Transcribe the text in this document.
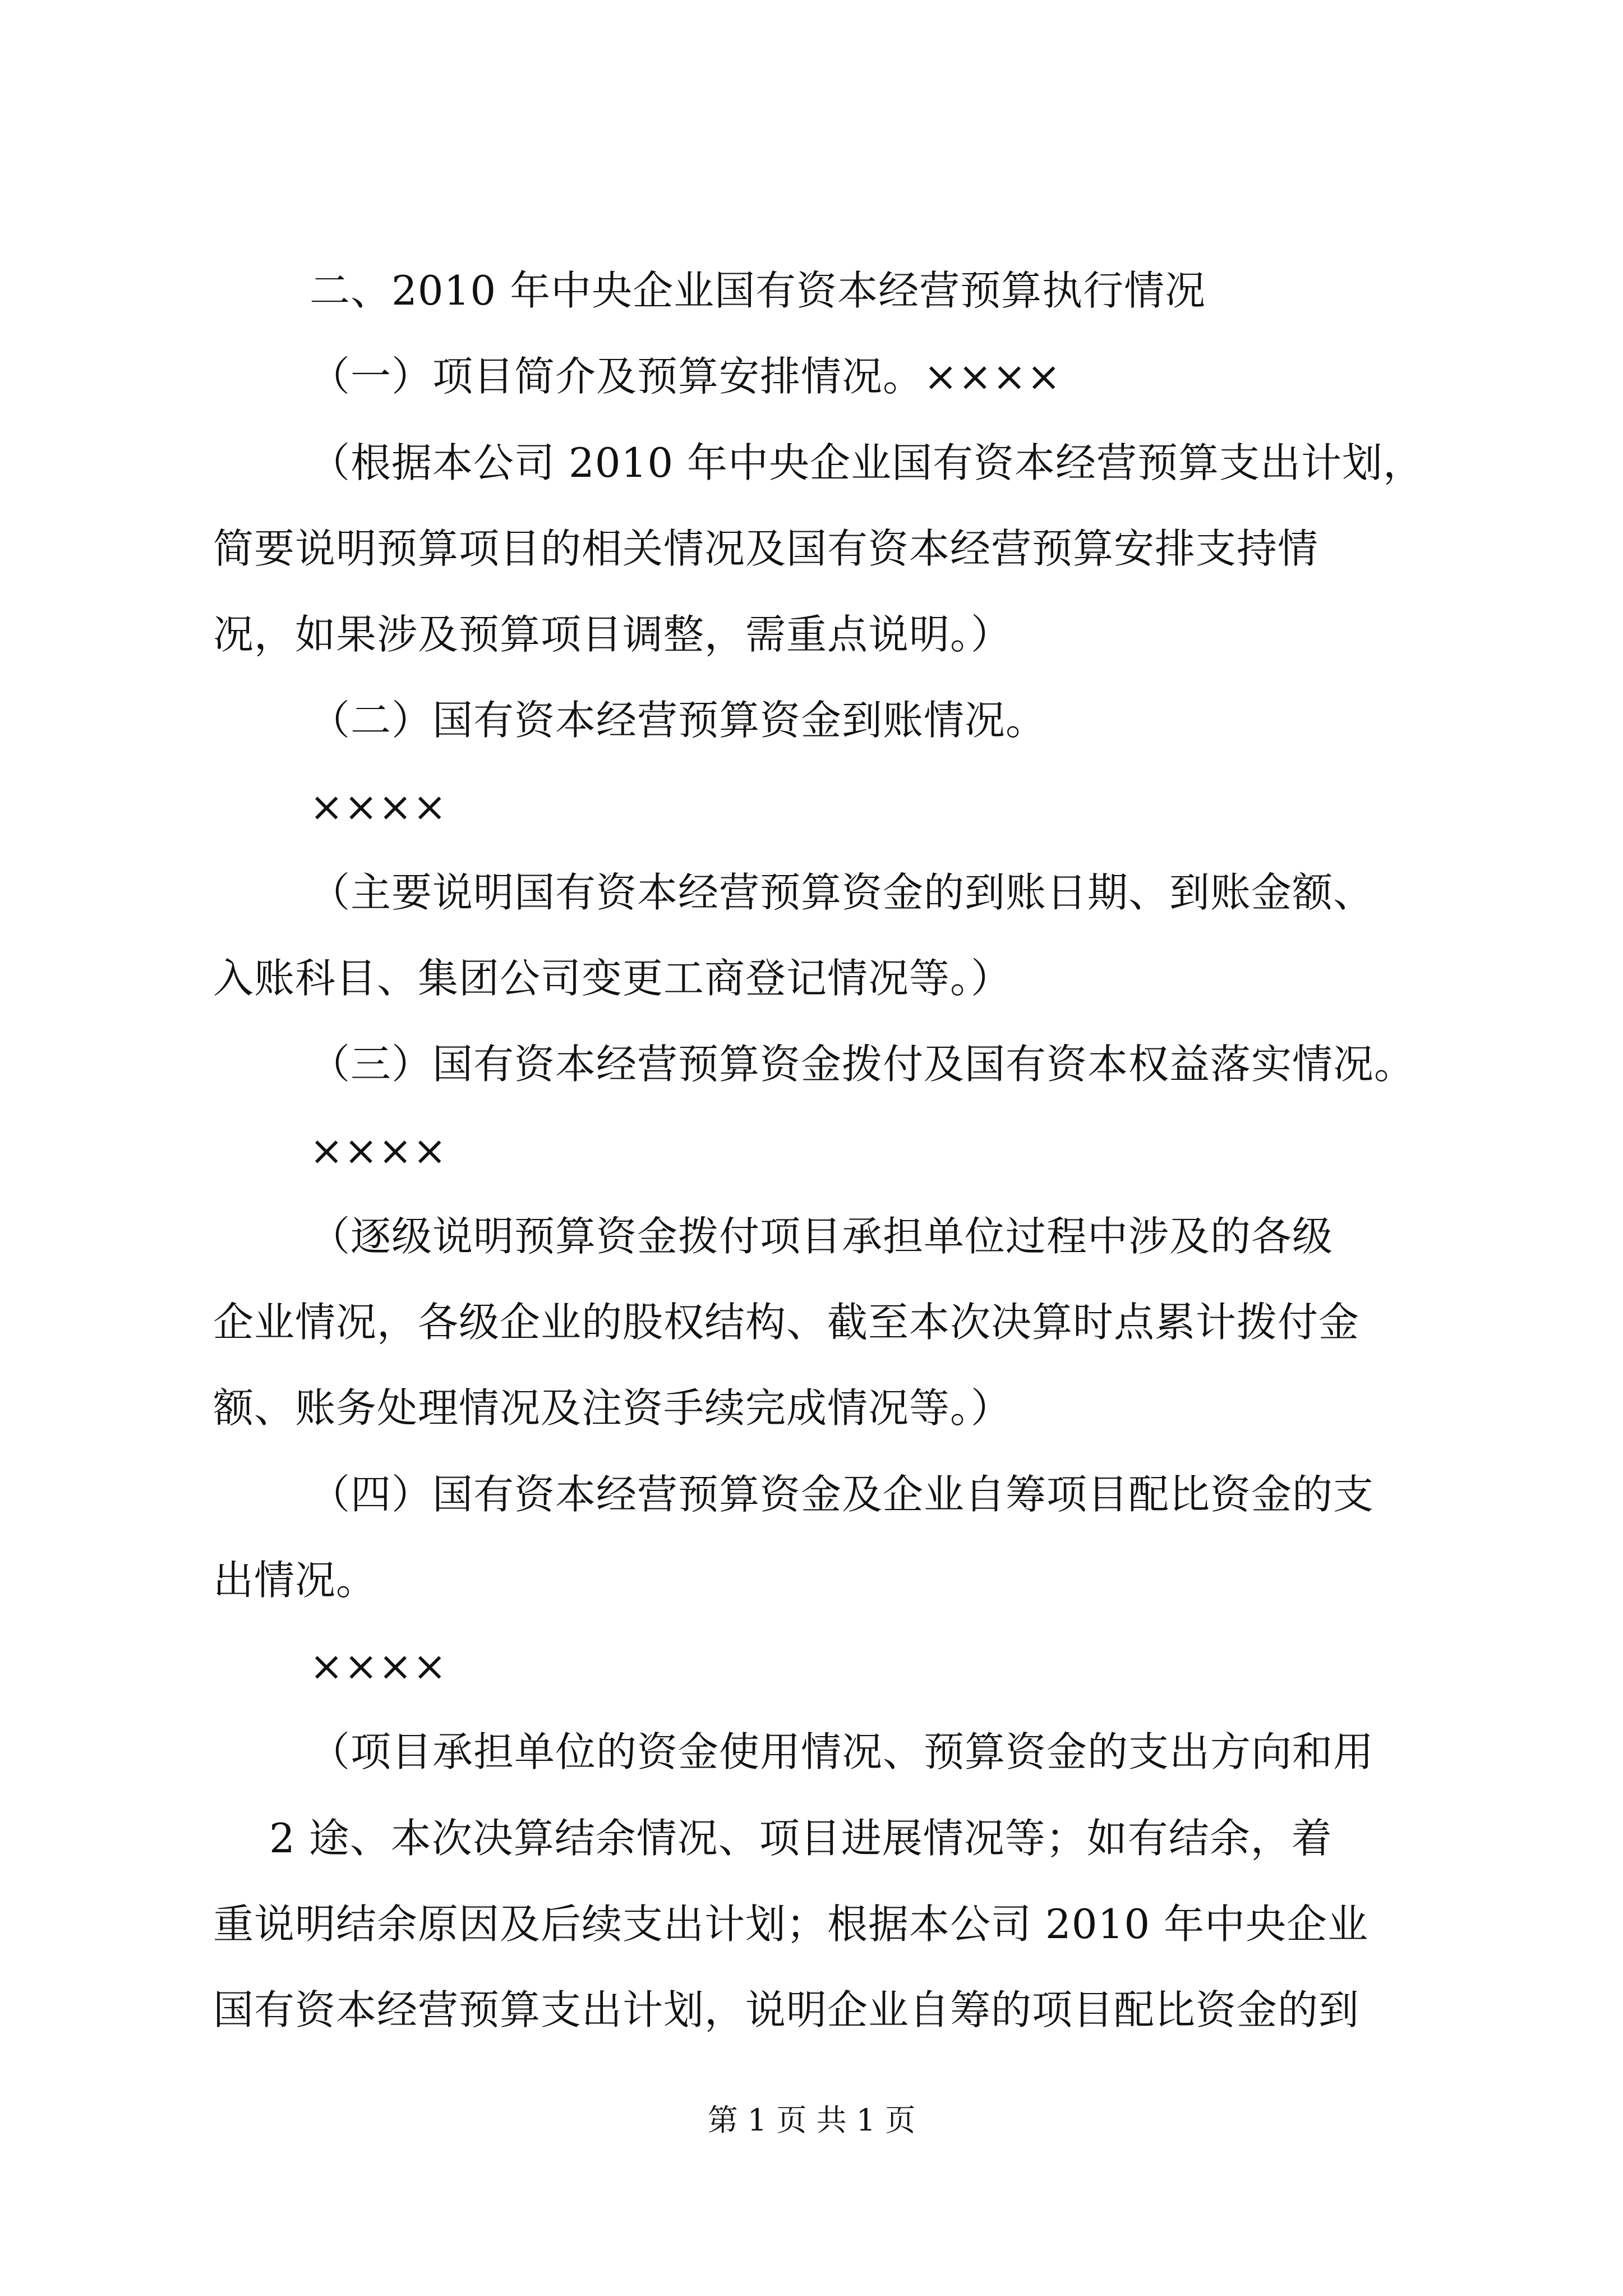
二、2010 年中央企业国有资本经营预算执行情况
（一）项目简介及预算安排情况。××××
（根据本公司 2010 年中央企业国有资本经营预算支出计划，
简要说明预算项目的相关情况及国有资本经营预算安排支持情
况，如果涉及预算项目调整，需重点说明。）
（二）国有资本经营预算资金到账情况。
××××
（主要说明国有资本经营预算资金的到账日期、到账金额、
入账科目、集团公司变更工商登记情况等。）
（三）国有资本经营预算资金拨付及国有资本权益落实情况。
××××
（逐级说明预算资金拨付项目承担单位过程中涉及的各级
企业情况，各级企业的股权结构、截至本次决算时点累计拨付金
额、账务处理情况及注资手续完成情况等。）
（四）国有资本经营预算资金及企业自筹项目配比资金的支
出情况。
××××
（项目承担单位的资金使用情况、预算资金的支出方向和用
2 途、本次决算结余情况、项目进展情况等；如有结余，着
重说明结余原因及后续支出计划；根据本公司 2010 年中央企业
国有资本经营预算支出计划，说明企业自筹的项目配比资金的到
第 1 页 共 1 页
